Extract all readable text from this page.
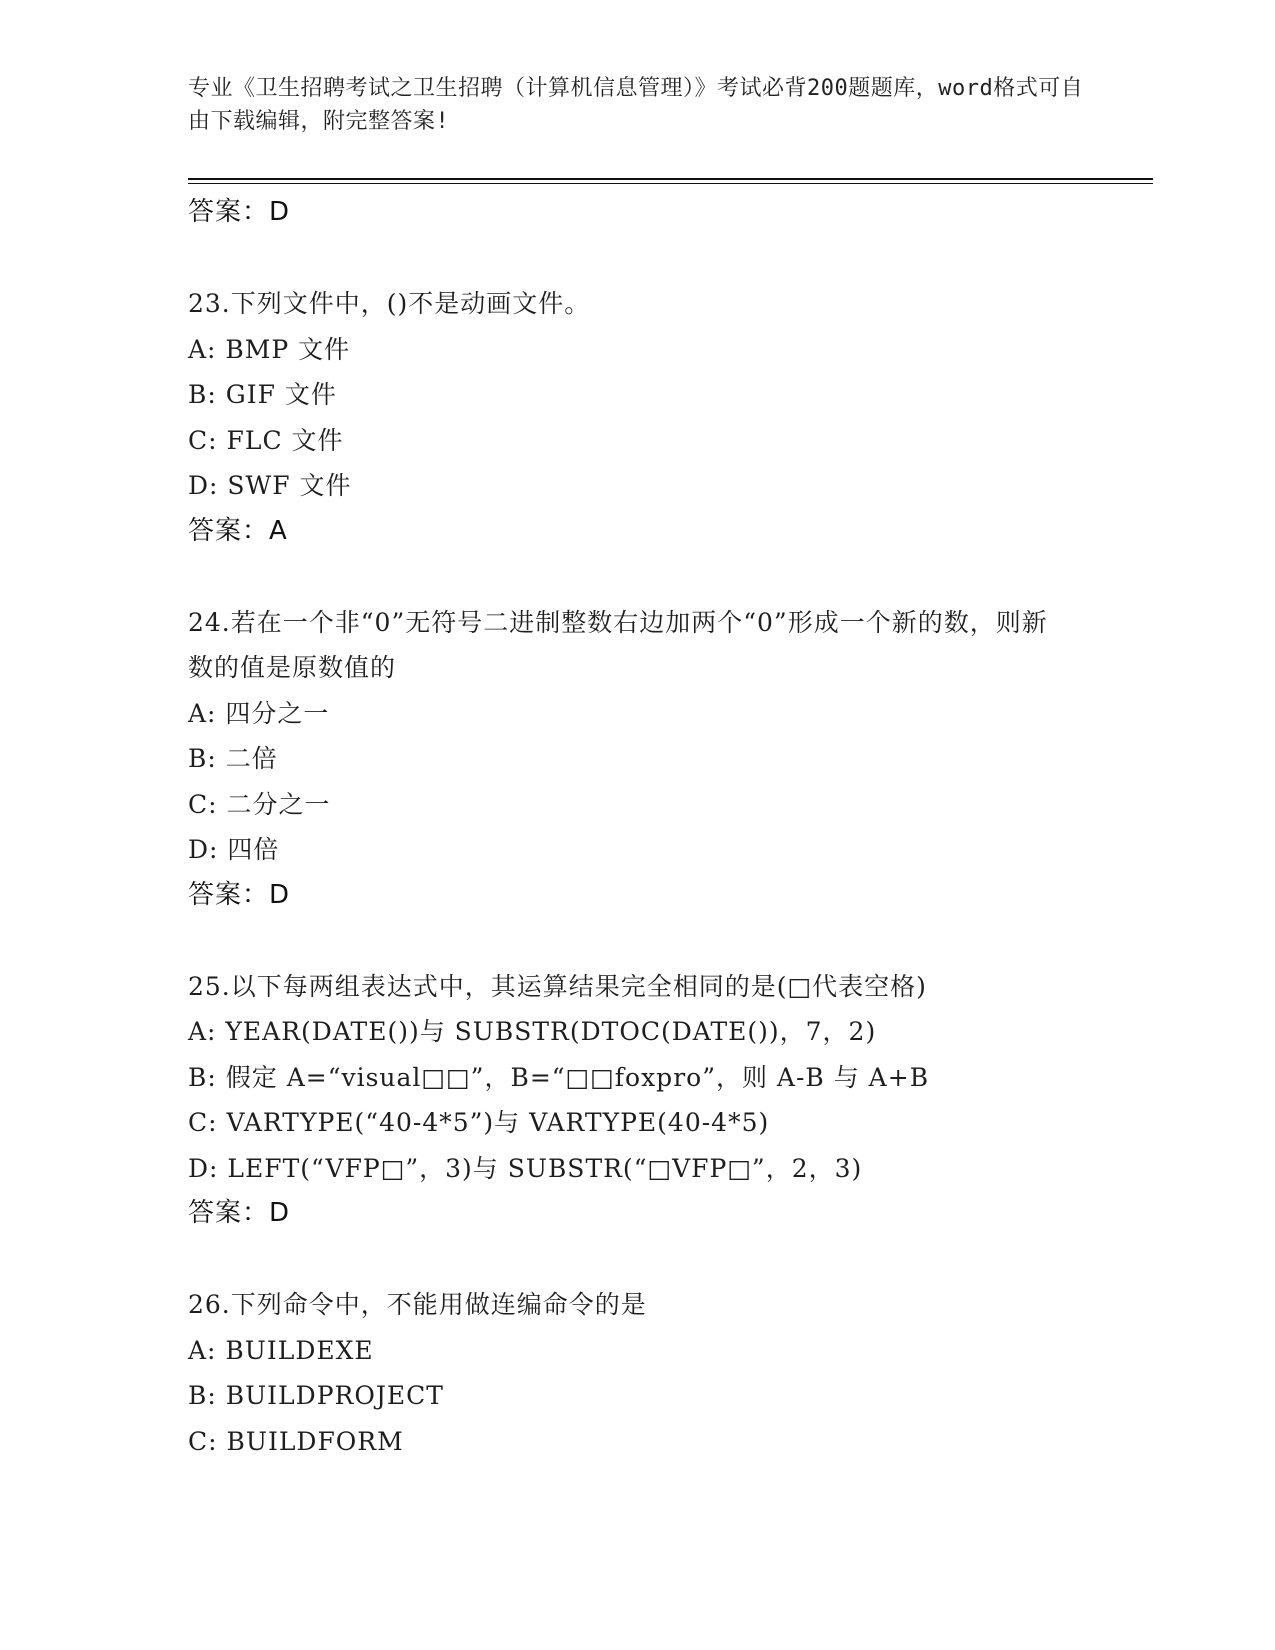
专业《卫生招聘考试之卫生招聘（计算机信息管理）》考试必背200题题库，word格式可自由下载编辑，附完整答案!
答案：D
23.下列文件中，()不是动画文件。
A: BMP 文件
B: GIF 文件
C: FLC 文件
D: SWF 文件
答案：A
24.若在一个非“0”无符号二进制整数右边加两个“0”形成一个新的数，则新数的值是原数值的
A: 四分之一
B: 二倍
C: 二分之一
D: 四倍
答案：D
25.以下每两组表达式中，其运算结果完全相同的是(□代表空格)
A: YEAR(DATE())与 SUBSTR(DTOC(DATE())，7，2)
B: 假定 A=“visual□□”，B=“□□foxpro”，则 A-B 与 A+B
C: VARTYPE(“40-4*5”)与 VARTYPE(40-4*5)
D: LEFT(“VFP□”，3)与 SUBSTR(“□VFP□”，2，3)
答案：D
26.下列命令中，不能用做连编命令的是
A: BUILDEXE
B: BUILDPROJECT
C: BUILDFORM
